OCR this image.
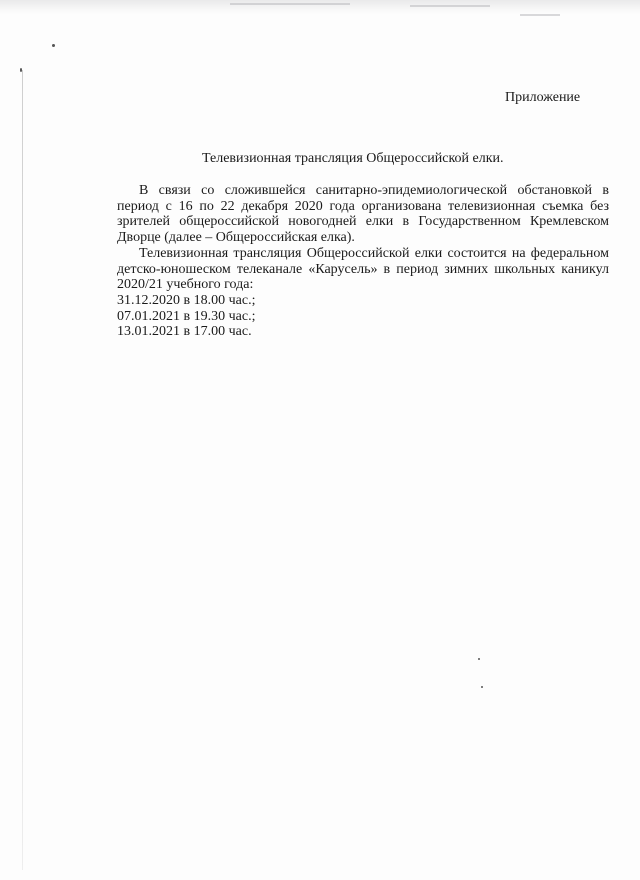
Приложение
Телевизионная трансляция Общероссийской елки.

В связи со сложившейся санитарно-эпидемиологической обстановкой в период с 16 по 22 декабря 2020 года организована телевизионная съемка без зрителей общероссийской новогодней елки в Государственном Кремлевском Дворце (далее – Общероссийская елка).

Телевизионная трансляция Общероссийской елки состоится на федеральном детско-юношеском телеканале «Карусель» в период зимних школьных каникул 2020/21 учебного года:

31.12.2020 в 18.00 час.;

07.01.2021 в 19.30 час.;

13.01.2021 в 17.00 час.
